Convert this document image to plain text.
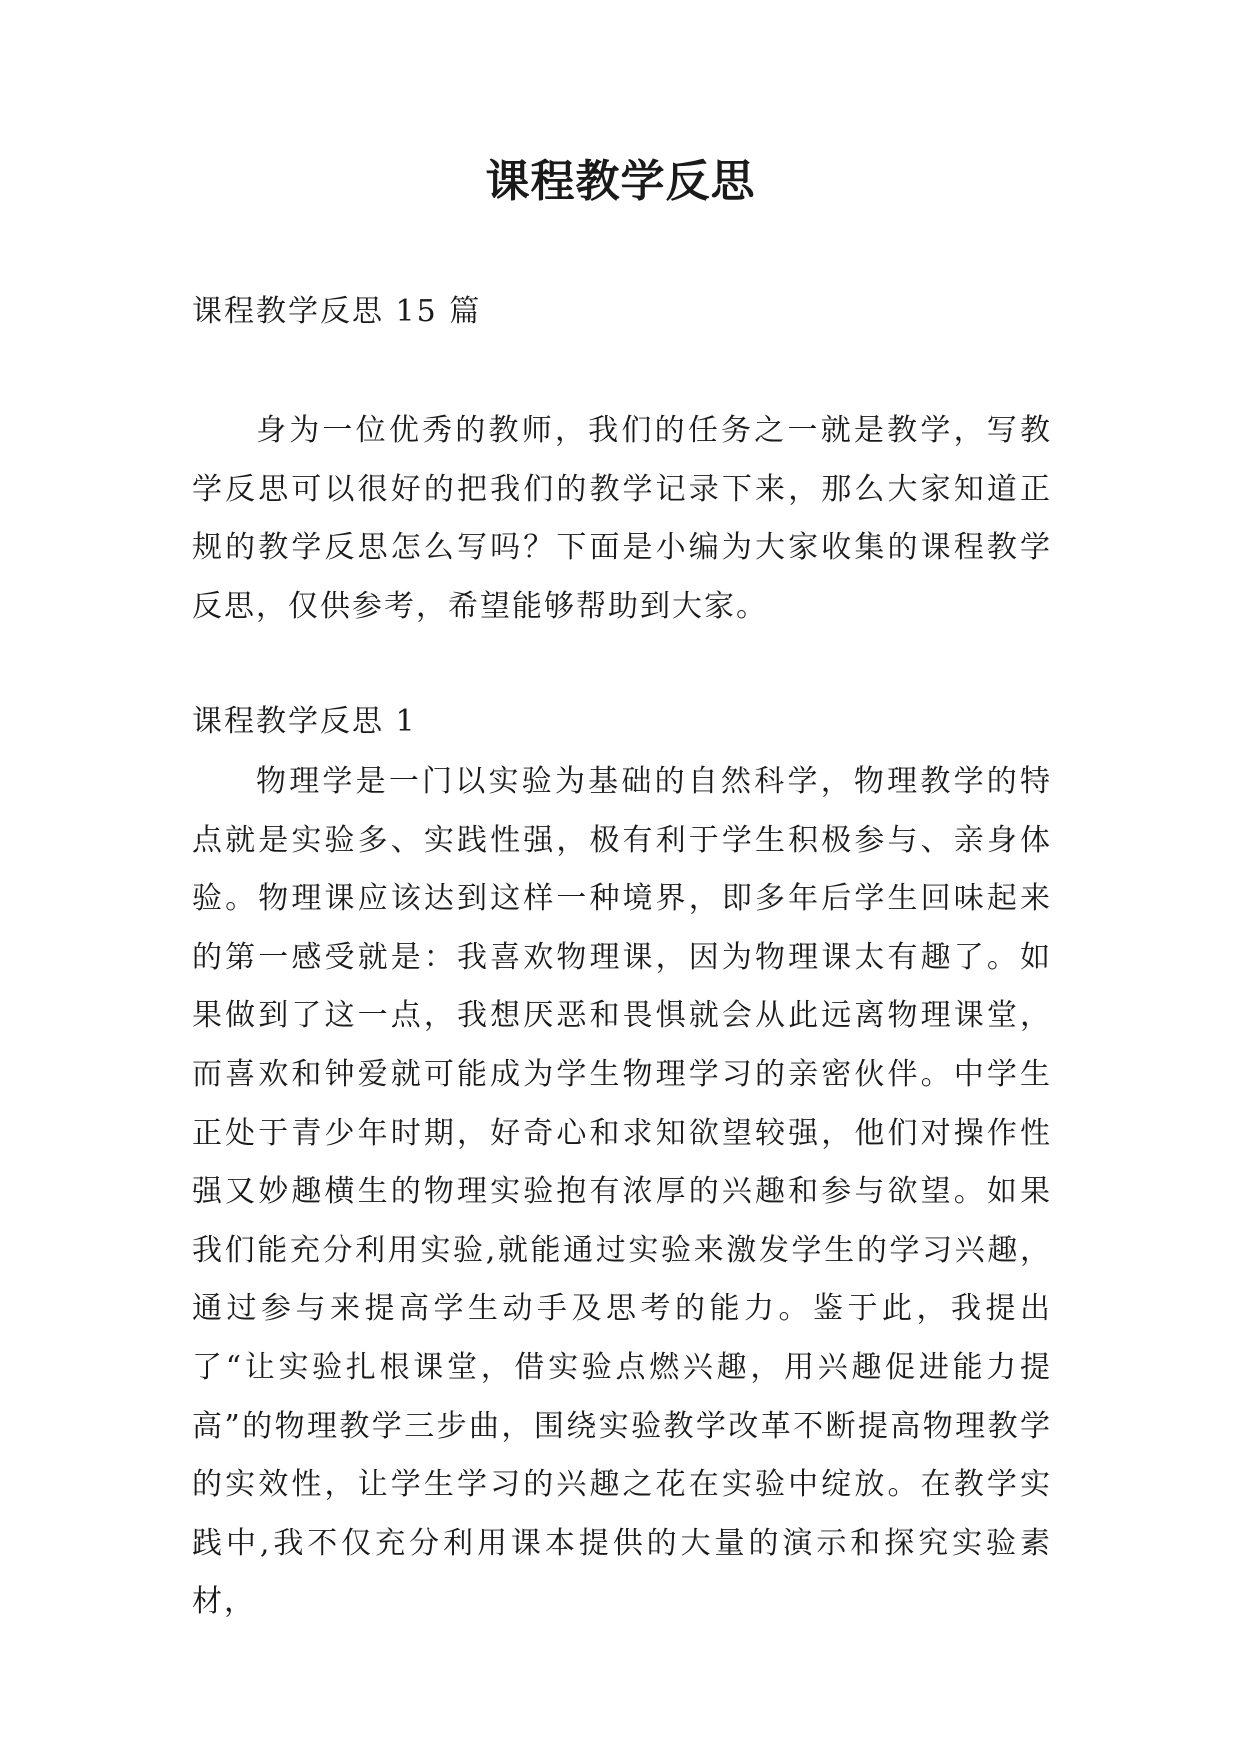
课程教学反思

课程教学反思 15 篇

身为一位优秀的教师，我们的任务之一就是教学，写教学反思可以很好的把我们的教学记录下来，那么大家知道正规的教学反思怎么写吗？下面是小编为大家收集的课程教学反思，仅供参考，希望能够帮助到大家。

课程教学反思 1

物理学是一门以实验为基础的自然科学，物理教学的特点就是实验多、实践性强，极有利于学生积极参与、亲身体验。物理课应该达到这样一种境界，即多年后学生回味起来的第一感受就是：我喜欢物理课，因为物理课太有趣了。如果做到了这一点，我想厌恶和畏惧就会从此远离物理课堂，而喜欢和钟爱就可能成为学生物理学习的亲密伙伴。中学生正处于青少年时期，好奇心和求知欲望较强，他们对操作性强又妙趣横生的物理实验抱有浓厚的兴趣和参与欲望。如果我们能充分利用实验,就能通过实验来激发学生的学习兴趣，通过参与来提高学生动手及思考的能力。鉴于此，我提出了“让实验扎根课堂，借实验点燃兴趣，用兴趣促进能力提高”的物理教学三步曲，围绕实验教学改革不断提高物理教学的实效性，让学生学习的兴趣之花在实验中绽放。在教学实践中,我不仅充分利用课本提供的大量的演示和探究实验素材，
